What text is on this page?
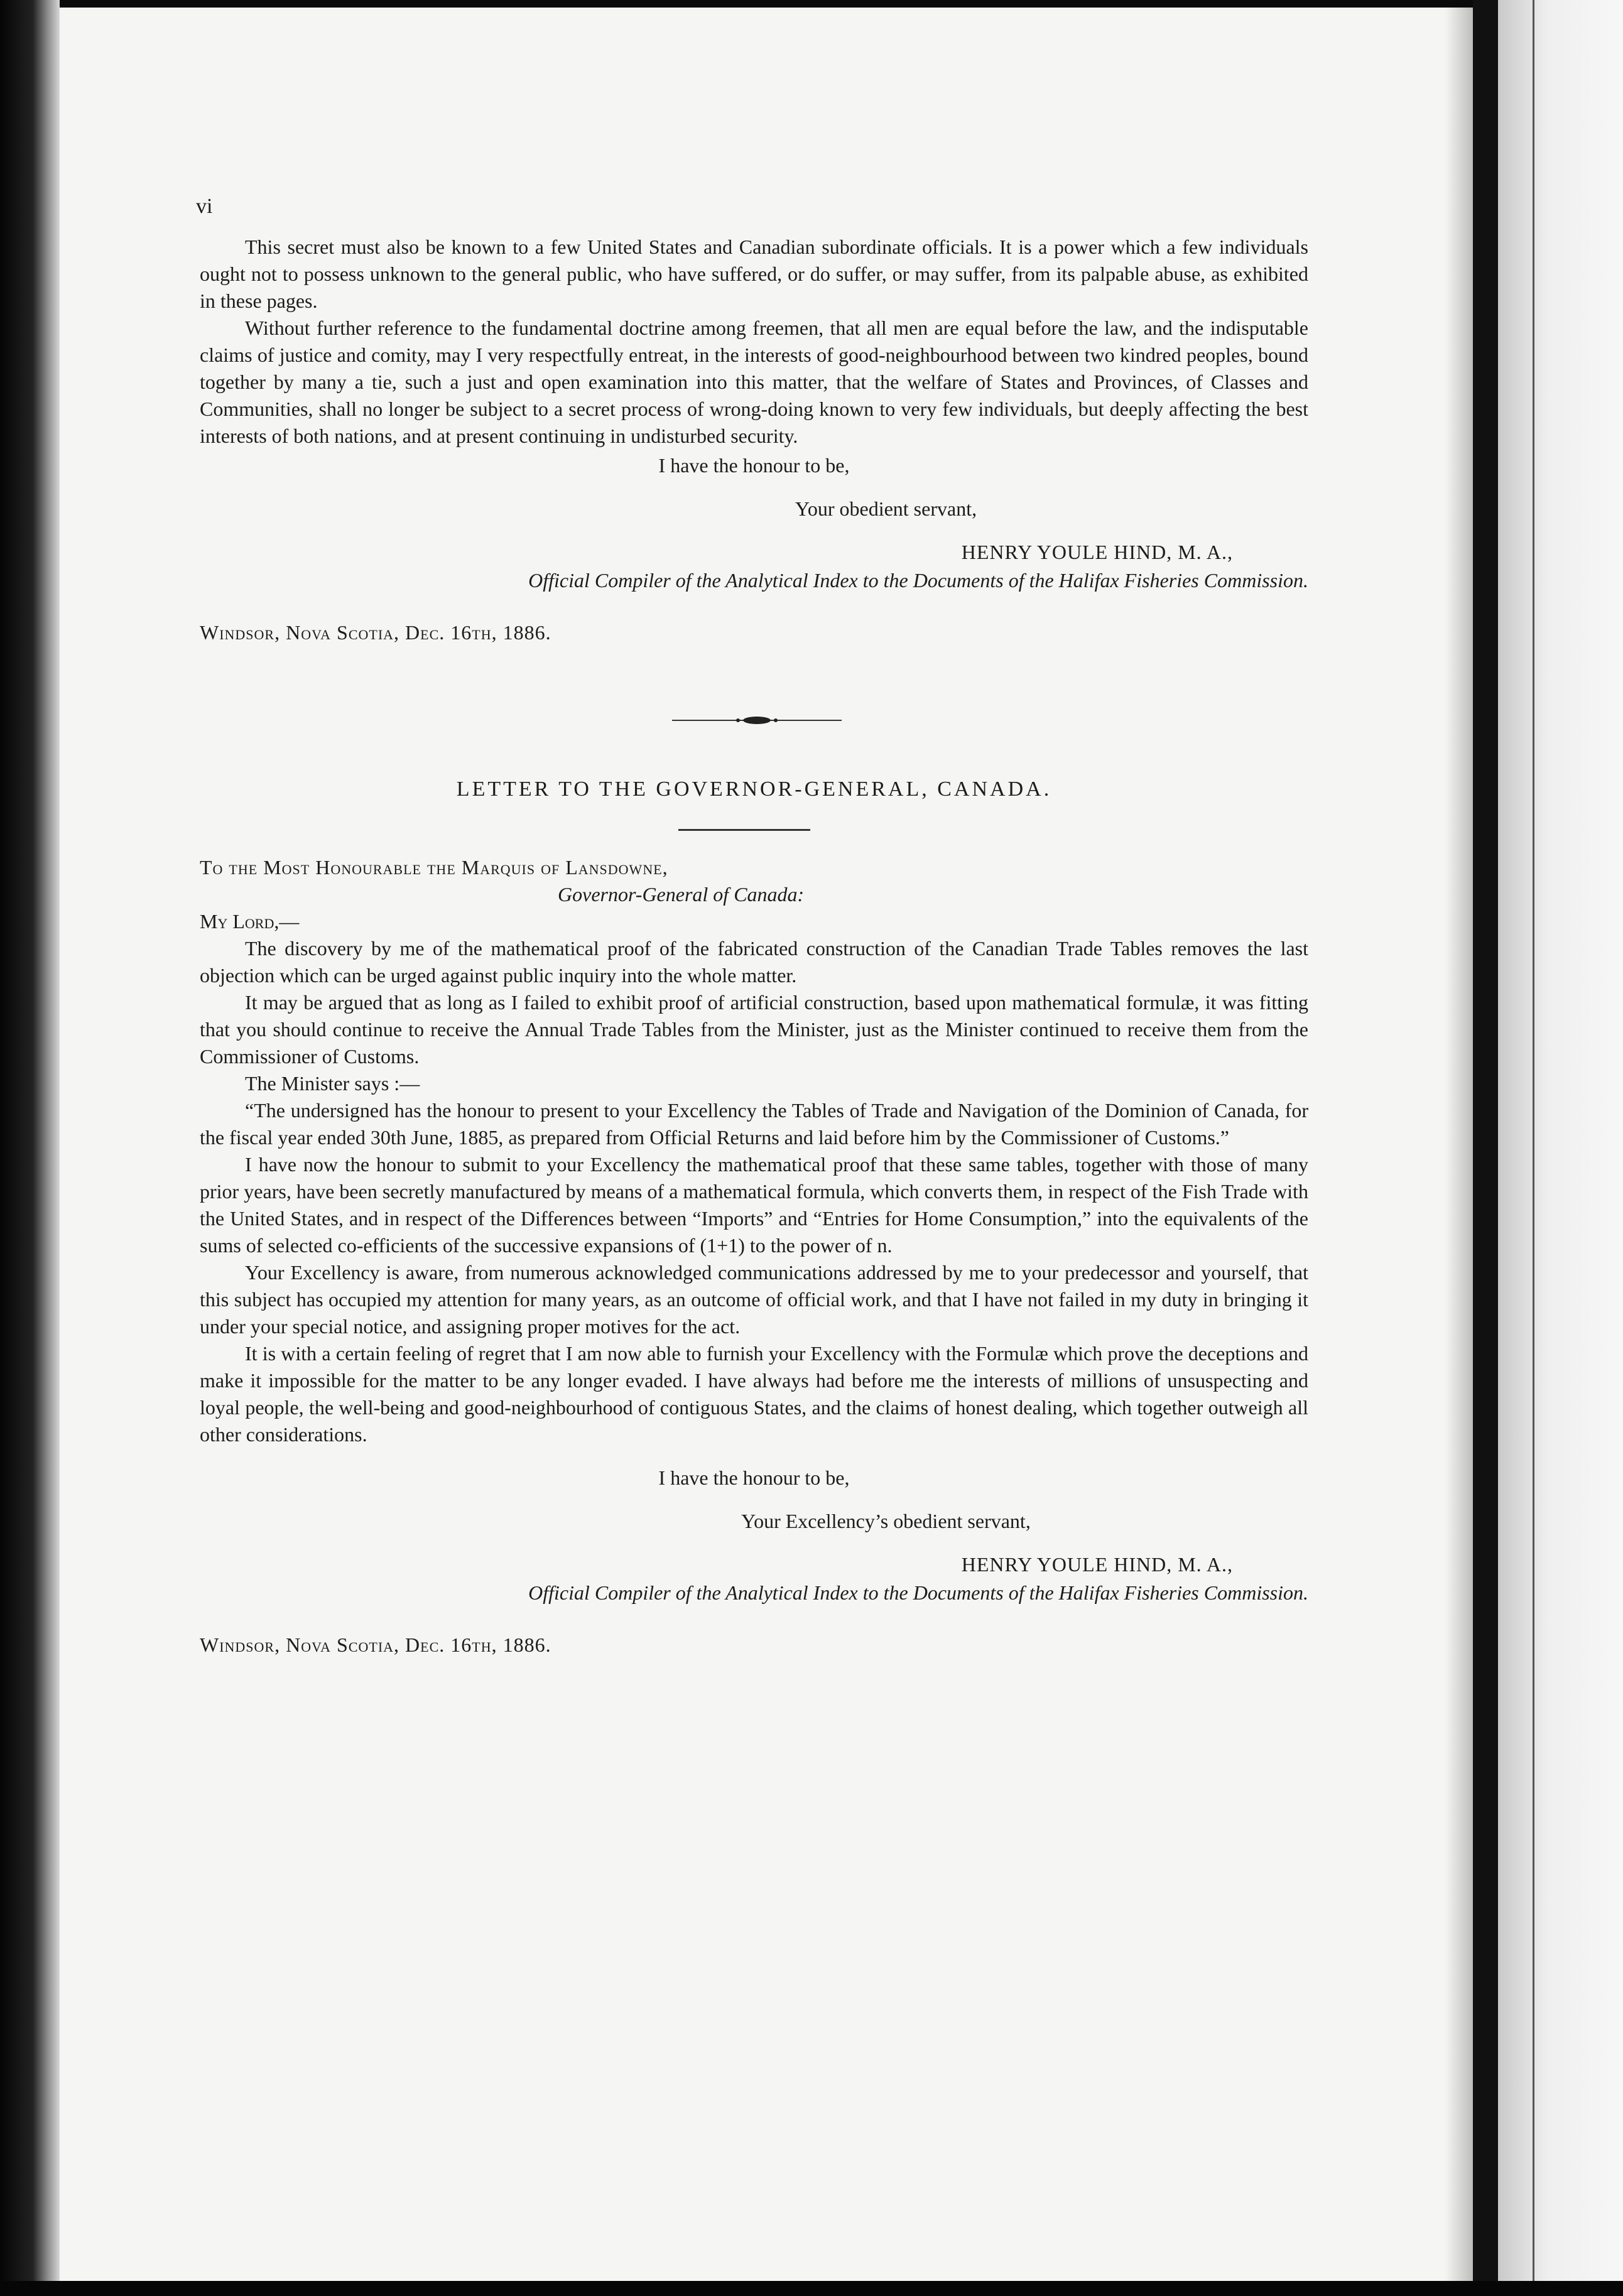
vi

This secret must also be known to a few United States and Canadian subordinate officials. It is a power which a few individuals ought not to possess unknown to the general public, who have suffered, or do suffer, or may suffer, from its palpable abuse, as exhibited in these pages.

Without further reference to the fundamental doctrine among freemen, that all men are equal before the law, and the indisputable claims of justice and comity, may I very respectfully entreat, in the interests of good-neighbourhood between two kindred peoples, bound together by many a tie, such a just and open examination into this matter, that the welfare of States and Provinces, of Classes and Communities, shall no longer be subject to a secret process of wrong-doing known to very few individuals, but deeply affecting the best interests of both nations, and at present continuing in undisturbed security.

I have the honour to be,

Your obedient servant,

HENRY YOULE HIND, M. A.,

Official Compiler of the Analytical Index to the Documents of the Halifax Fisheries Commission.

Windsor, Nova Scotia, Dec. 16th, 1886.

LETTER TO THE GOVERNOR-GENERAL, CANADA.

To the Most Honourable the Marquis of Lansdowne,

Governor-General of Canada:

My Lord,—

The discovery by me of the mathematical proof of the fabricated construction of the Canadian Trade Tables removes the last objection which can be urged against public inquiry into the whole matter.

It may be argued that as long as I failed to exhibit proof of artificial construction, based upon mathematical formulæ, it was fitting that you should continue to receive the Annual Trade Tables from the Minister, just as the Minister continued to receive them from the Commissioner of Customs.

The Minister says :—

“The undersigned has the honour to present to your Excellency the Tables of Trade and Navigation of the Dominion of Canada, for the fiscal year ended 30th June, 1885, as prepared from Official Returns and laid before him by the Commissioner of Customs.”

I have now the honour to submit to your Excellency the mathematical proof that these same tables, together with those of many prior years, have been secretly manufactured by means of a mathematical formula, which converts them, in respect of the Fish Trade with the United States, and in respect of the Differences between “Imports” and “Entries for Home Consumption,” into the equivalents of the sums of selected co-efficients of the successive expansions of (1+1) to the power of n.

Your Excellency is aware, from numerous acknowledged communications addressed by me to your predecessor and yourself, that this subject has occupied my attention for many years, as an outcome of official work, and that I have not failed in my duty in bringing it under your special notice, and assigning proper motives for the act.

It is with a certain feeling of regret that I am now able to furnish your Excellency with the Formulæ which prove the deceptions and make it impossible for the matter to be any longer evaded. I have always had before me the interests of millions of unsuspecting and loyal people, the well-being and good-neighbourhood of contiguous States, and the claims of honest dealing, which together outweigh all other considerations.

I have the honour to be,

Your Excellency’s obedient servant,

HENRY YOULE HIND, M. A.,

Official Compiler of the Analytical Index to the Documents of the Halifax Fisheries Commission.

Windsor, Nova Scotia, Dec. 16th, 1886.
